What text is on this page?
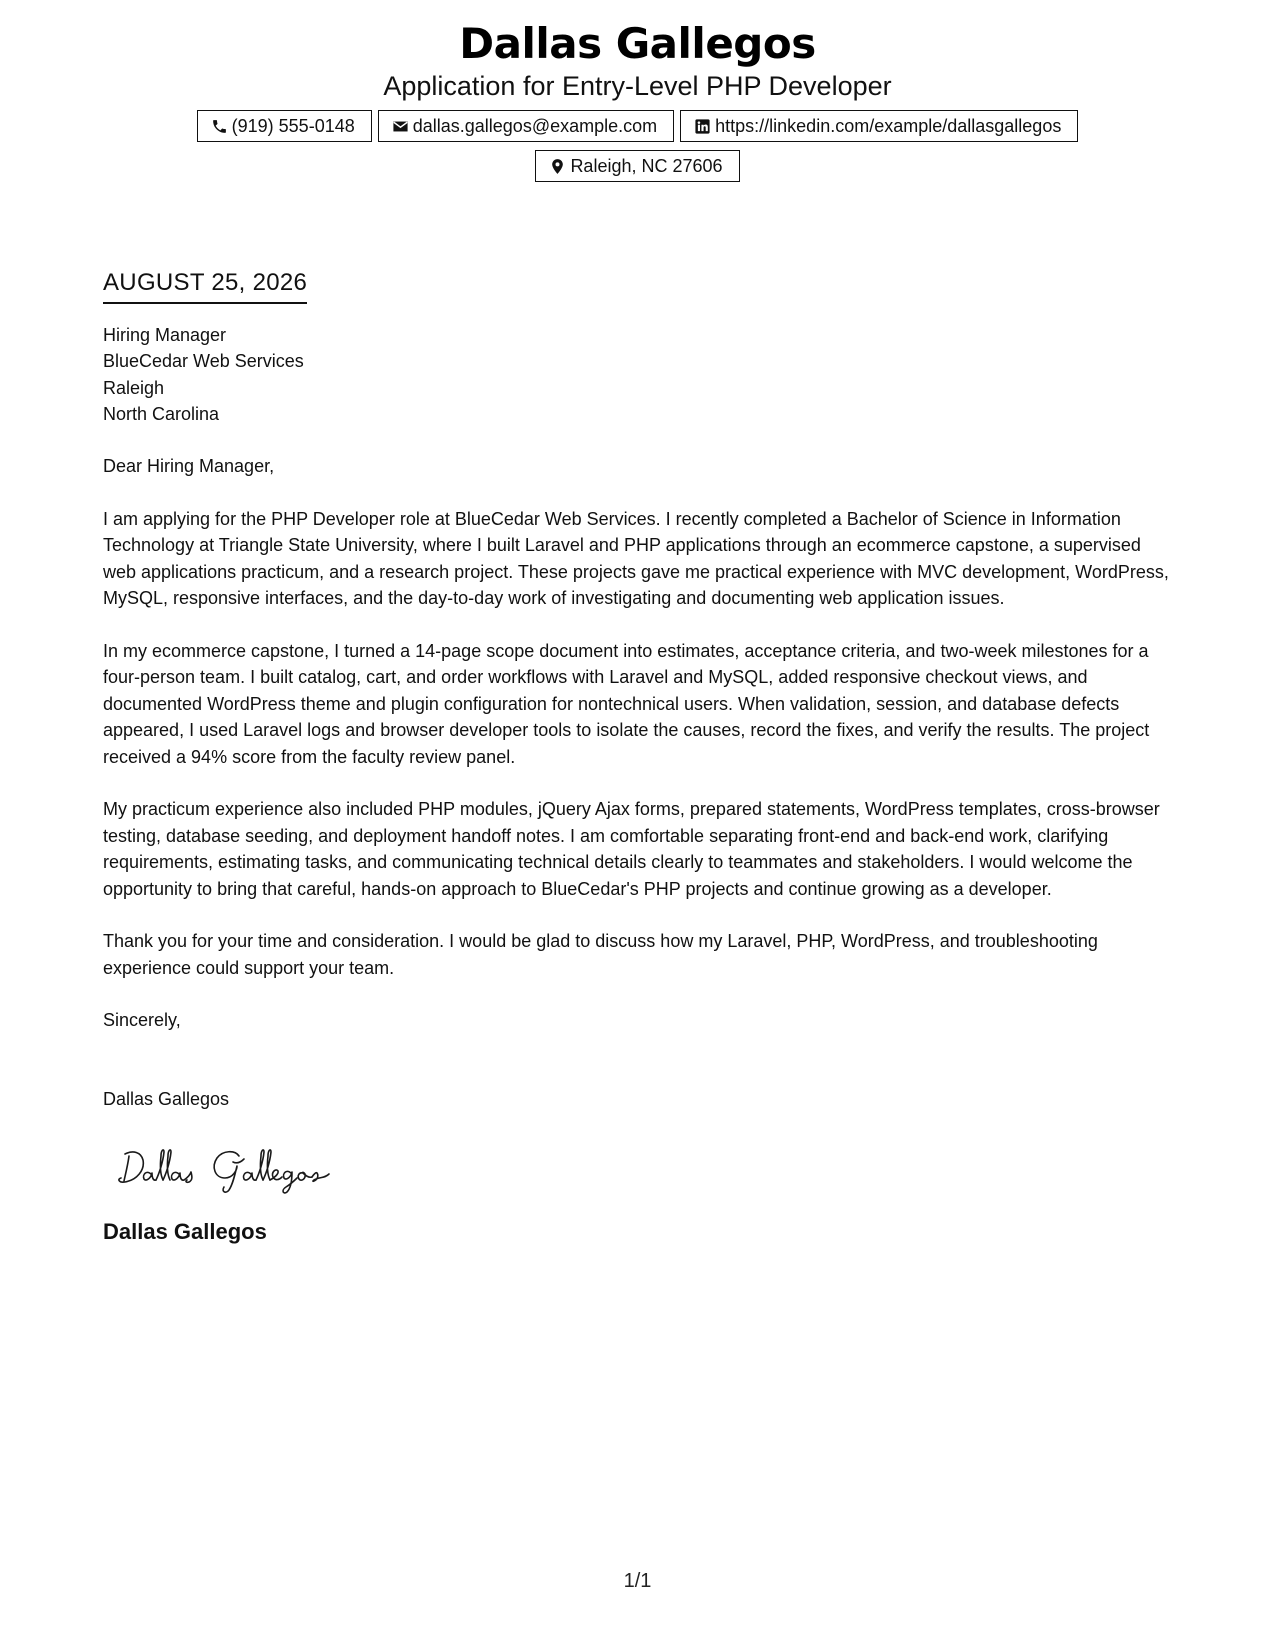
Dallas Gallegos
Application for Entry-Level PHP Developer
(919) 555-0148	dallas.gallegos@example.com	https://linkedin.com/example/dallasgallegos
Raleigh, NC 27606
AUGUST 25, 2026
Hiring Manager
BlueCedar Web Services
Raleigh
North Carolina

Dear Hiring Manager,

I am applying for the PHP Developer role at BlueCedar Web Services. I recently completed a Bachelor of Science in Information Technology at Triangle State University, where I built Laravel and PHP applications through an ecommerce capstone, a supervised web applications practicum, and a research project. These projects gave me practical experience with MVC development, WordPress, MySQL, responsive interfaces, and the day-to-day work of investigating and documenting web application issues.

In my ecommerce capstone, I turned a 14-page scope document into estimates, acceptance criteria, and two-week milestones for a four-person team. I built catalog, cart, and order workflows with Laravel and MySQL, added responsive checkout views, and documented WordPress theme and plugin configuration for nontechnical users. When validation, session, and database defects appeared, I used Laravel logs and browser developer tools to isolate the causes, record the fixes, and verify the results. The project received a 94% score from the faculty review panel.

My practicum experience also included PHP modules, jQuery Ajax forms, prepared statements, WordPress templates, cross-browser testing, database seeding, and deployment handoff notes. I am comfortable separating front-end and back-end work, clarifying requirements, estimating tasks, and communicating technical details clearly to teammates and stakeholders. I would welcome the opportunity to bring that careful, hands-on approach to BlueCedar's PHP projects and continue growing as a developer.

Thank you for your time and consideration. I would be glad to discuss how my Laravel, PHP, WordPress, and troubleshooting experience could support your team.

Sincerely,
Dallas Gallegos
Dallas Gallegos
1/1
